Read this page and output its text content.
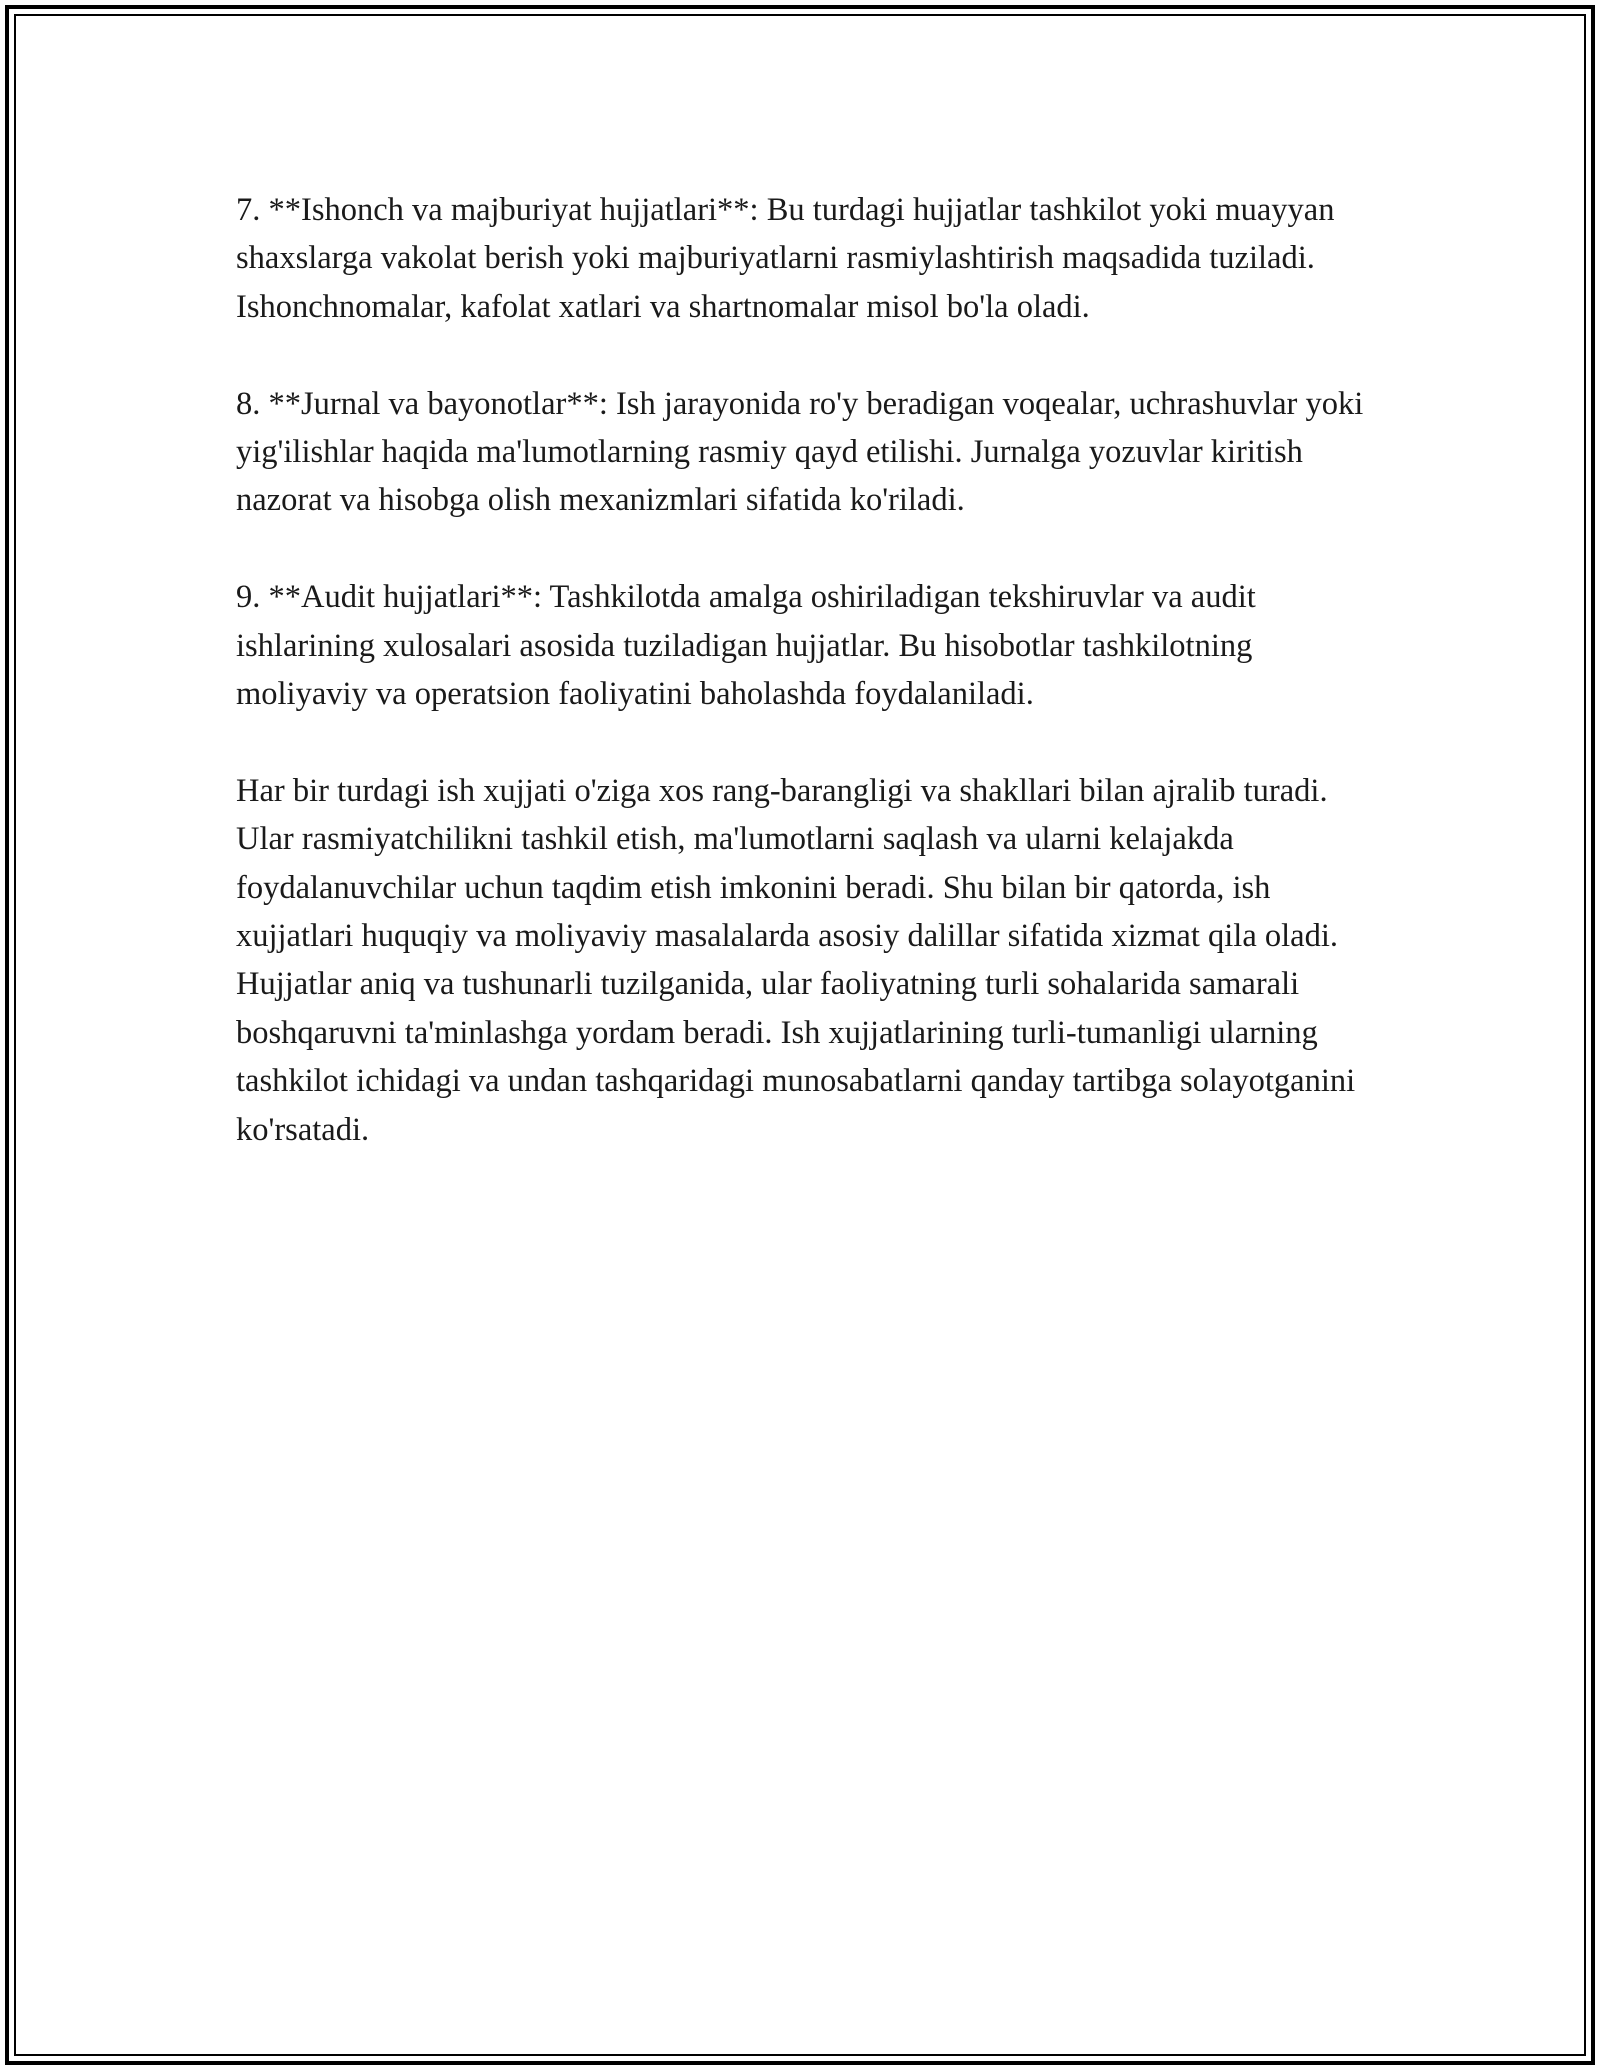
7. **Ishonch va majburiyat hujjatlari**: Bu turdagi hujjatlar tashkilot yoki muayyan shaxslarga vakolat berish yoki majburiyatlarni rasmiylashtirish maqsadida tuziladi. Ishonchnomalar, kafolat xatlari va shartnomalar misol bo'la oladi.

8. **Jurnal va bayonotlar**: Ish jarayonida ro'y beradigan voqealar, uchrashuvlar yoki yig'ilishlar haqida ma'lumotlarning rasmiy qayd etilishi. Jurnalga yozuvlar kiritish nazorat va hisobga olish mexanizmlari sifatida ko'riladi.

9. **Audit hujjatlari**: Tashkilotda amalga oshiriladigan tekshiruvlar va audit ishlarining xulosalari asosida tuziladigan hujjatlar. Bu hisobotlar tashkilotning moliyaviy va operatsion faoliyatini baholashda foydalaniladi.

Har bir turdagi ish xujjati o'ziga xos rang-barangligi va shakllari bilan ajralib turadi. Ular rasmiyatchilikni tashkil etish, ma'lumotlarni saqlash va ularni kelajakda foydalanuvchilar uchun taqdim etish imkonini beradi. Shu bilan bir qatorda, ish xujjatlari huquqiy va moliyaviy masalalarda asosiy dalillar sifatida xizmat qila oladi. Hujjatlar aniq va tushunarli tuzilganida, ular faoliyatning turli sohalarida samarali boshqaruvni ta'minlashga yordam beradi. Ish xujjatlarining turli-tumanligi ularning tashkilot ichidagi va undan tashqaridagi munosabatlarni qanday tartibga solayotganini ko'rsatadi.
